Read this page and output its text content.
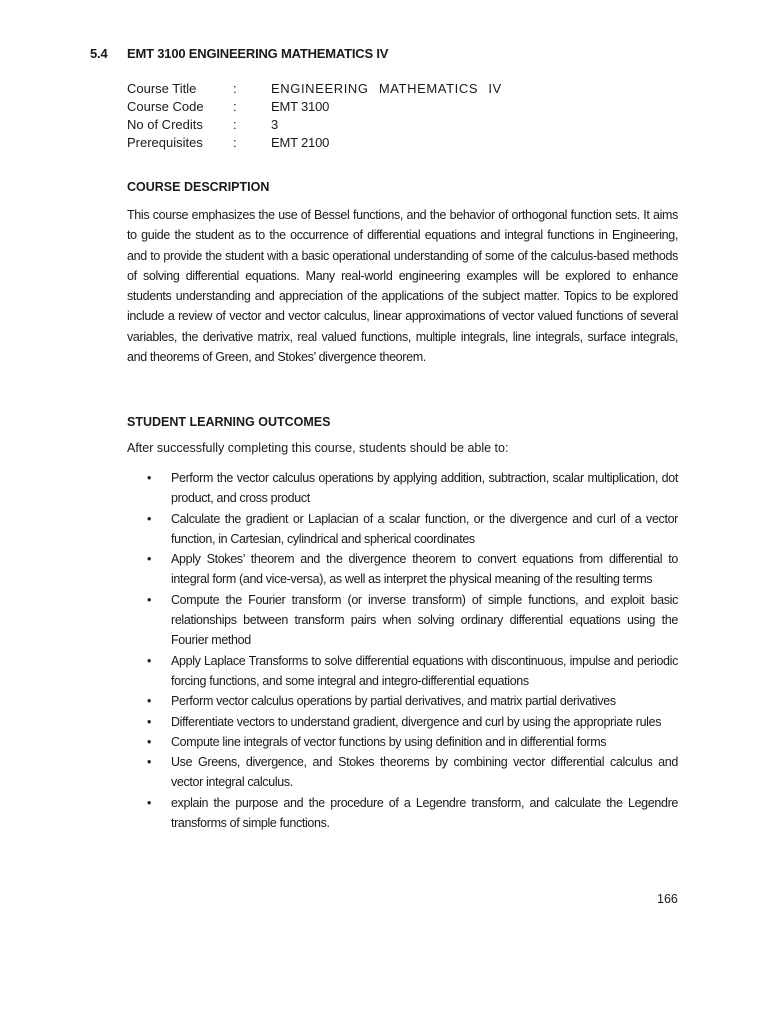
5.4 EMT 3100 ENGINEERING MATHEMATICS IV
Course Title	:	ENGINEERING MATHEMATICS IV
Course Code	:	EMT 3100
No of Credits	:	3
Prerequisites	:	EMT 2100
COURSE DESCRIPTION
This course emphasizes the use of Bessel functions, and the behavior of orthogonal function sets. It aims to guide the student as to the occurrence of differential equations and integral functions in Engineering, and to provide the student with a basic operational understanding of some of the calculus-based methods of solving differential equations. Many real-world engineering examples will be explored to enhance students understanding and appreciation of the applications of the subject matter. Topics to be explored include a review of vector and vector calculus, linear approximations of vector valued functions of several variables, the derivative matrix, real valued functions, multiple integrals, line integrals, surface integrals, and theorems of Green, and Stokes’ divergence theorem.
STUDENT LEARNING OUTCOMES
After successfully completing this course, students should be able to:
• Perform the vector calculus operations by applying addition, subtraction, scalar multiplication, dot product, and cross product
• Calculate the gradient or Laplacian of a scalar function, or the divergence and curl of a vector function, in Cartesian, cylindrical and spherical coordinates
• Apply Stokes’ theorem and the divergence theorem to convert equations from differential to integral form (and vice-versa), as well as interpret the physical meaning of the resulting terms
• Compute the Fourier transform (or inverse transform) of simple functions, and exploit basic relationships between transform pairs when solving ordinary differential equations using the Fourier method
• Apply Laplace Transforms to solve differential equations with discontinuous, impulse and periodic forcing functions, and some integral and integro-differential equations
• Perform vector calculus operations by partial derivatives, and matrix partial derivatives
• Differentiate vectors to understand gradient, divergence and curl by using the appropriate rules
• Compute line integrals of vector functions by using definition and in differential forms
• Use Greens, divergence, and Stokes theorems by combining vector differential calculus and vector integral calculus.
• explain the purpose and the procedure of a Legendre transform, and calculate the Legendre transforms of simple functions.
166
